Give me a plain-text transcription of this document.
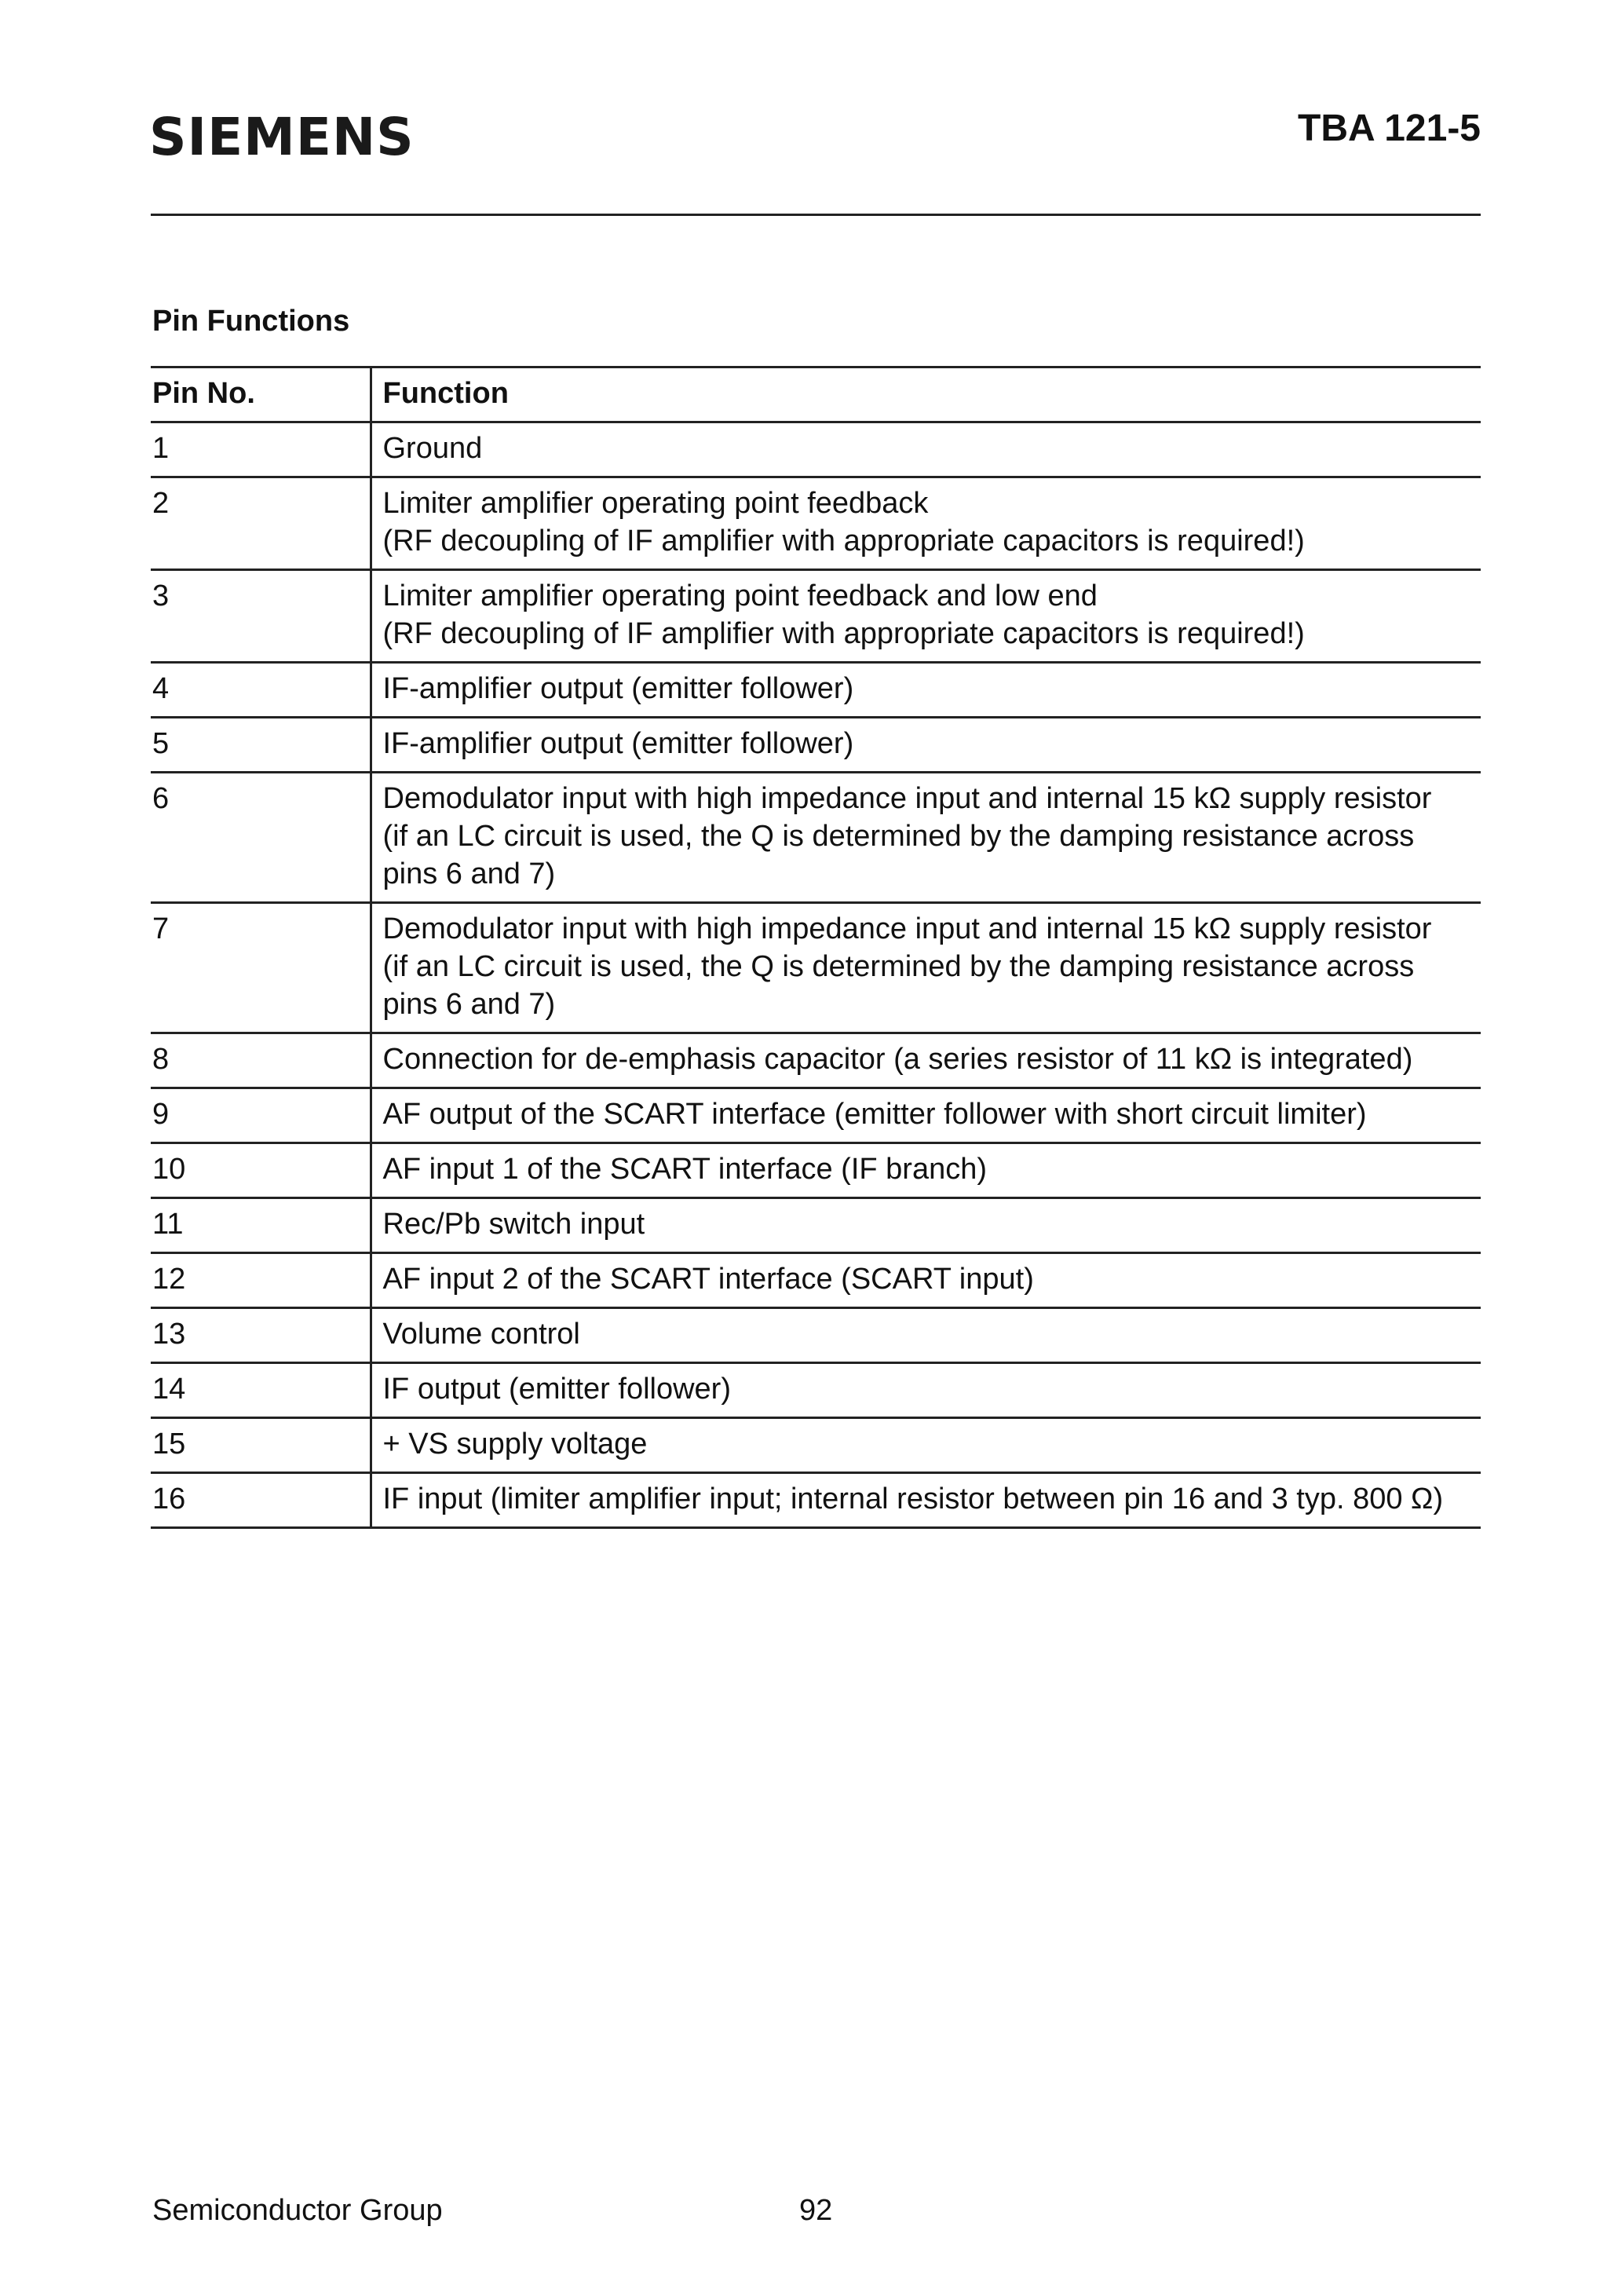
SIEMENS	TBA 121-5
Pin Functions
Pin No.	Function
1	Ground

2	Limiter amplifier operating point feedback
(RF decoupling of IF amplifier with appropriate capacitors is required!)

3	Limiter amplifier operating point feedback and low end
(RF decoupling of IF amplifier with appropriate capacitors is required!)

4	IF-amplifier output (emitter follower)

5	IF-amplifier output (emitter follower)

6	Demodulator input with high impedance input and internal 15 kΩ supply resistor
(if an LC circuit is used, the Q is determined by the damping resistance across
pins 6 and 7)

7	Demodulator input with high impedance input and internal 15 kΩ supply resistor
(if an LC circuit is used, the Q is determined by the damping resistance across
pins 6 and 7)

8	Connection for de-emphasis capacitor (a series resistor of 11 kΩ is integrated)

9	AF output of the SCART interface (emitter follower with short circuit limiter)

10	AF input 1 of the SCART interface (IF branch)

11	Rec/Pb switch input

12	AF input 2 of the SCART interface (SCART input)

13	Volume control

14	IF output (emitter follower)

15	+ VS supply voltage

16	IF input (limiter amplifier input; internal resistor between pin 16 and 3 typ. 800 Ω)
Semiconductor Group	92
